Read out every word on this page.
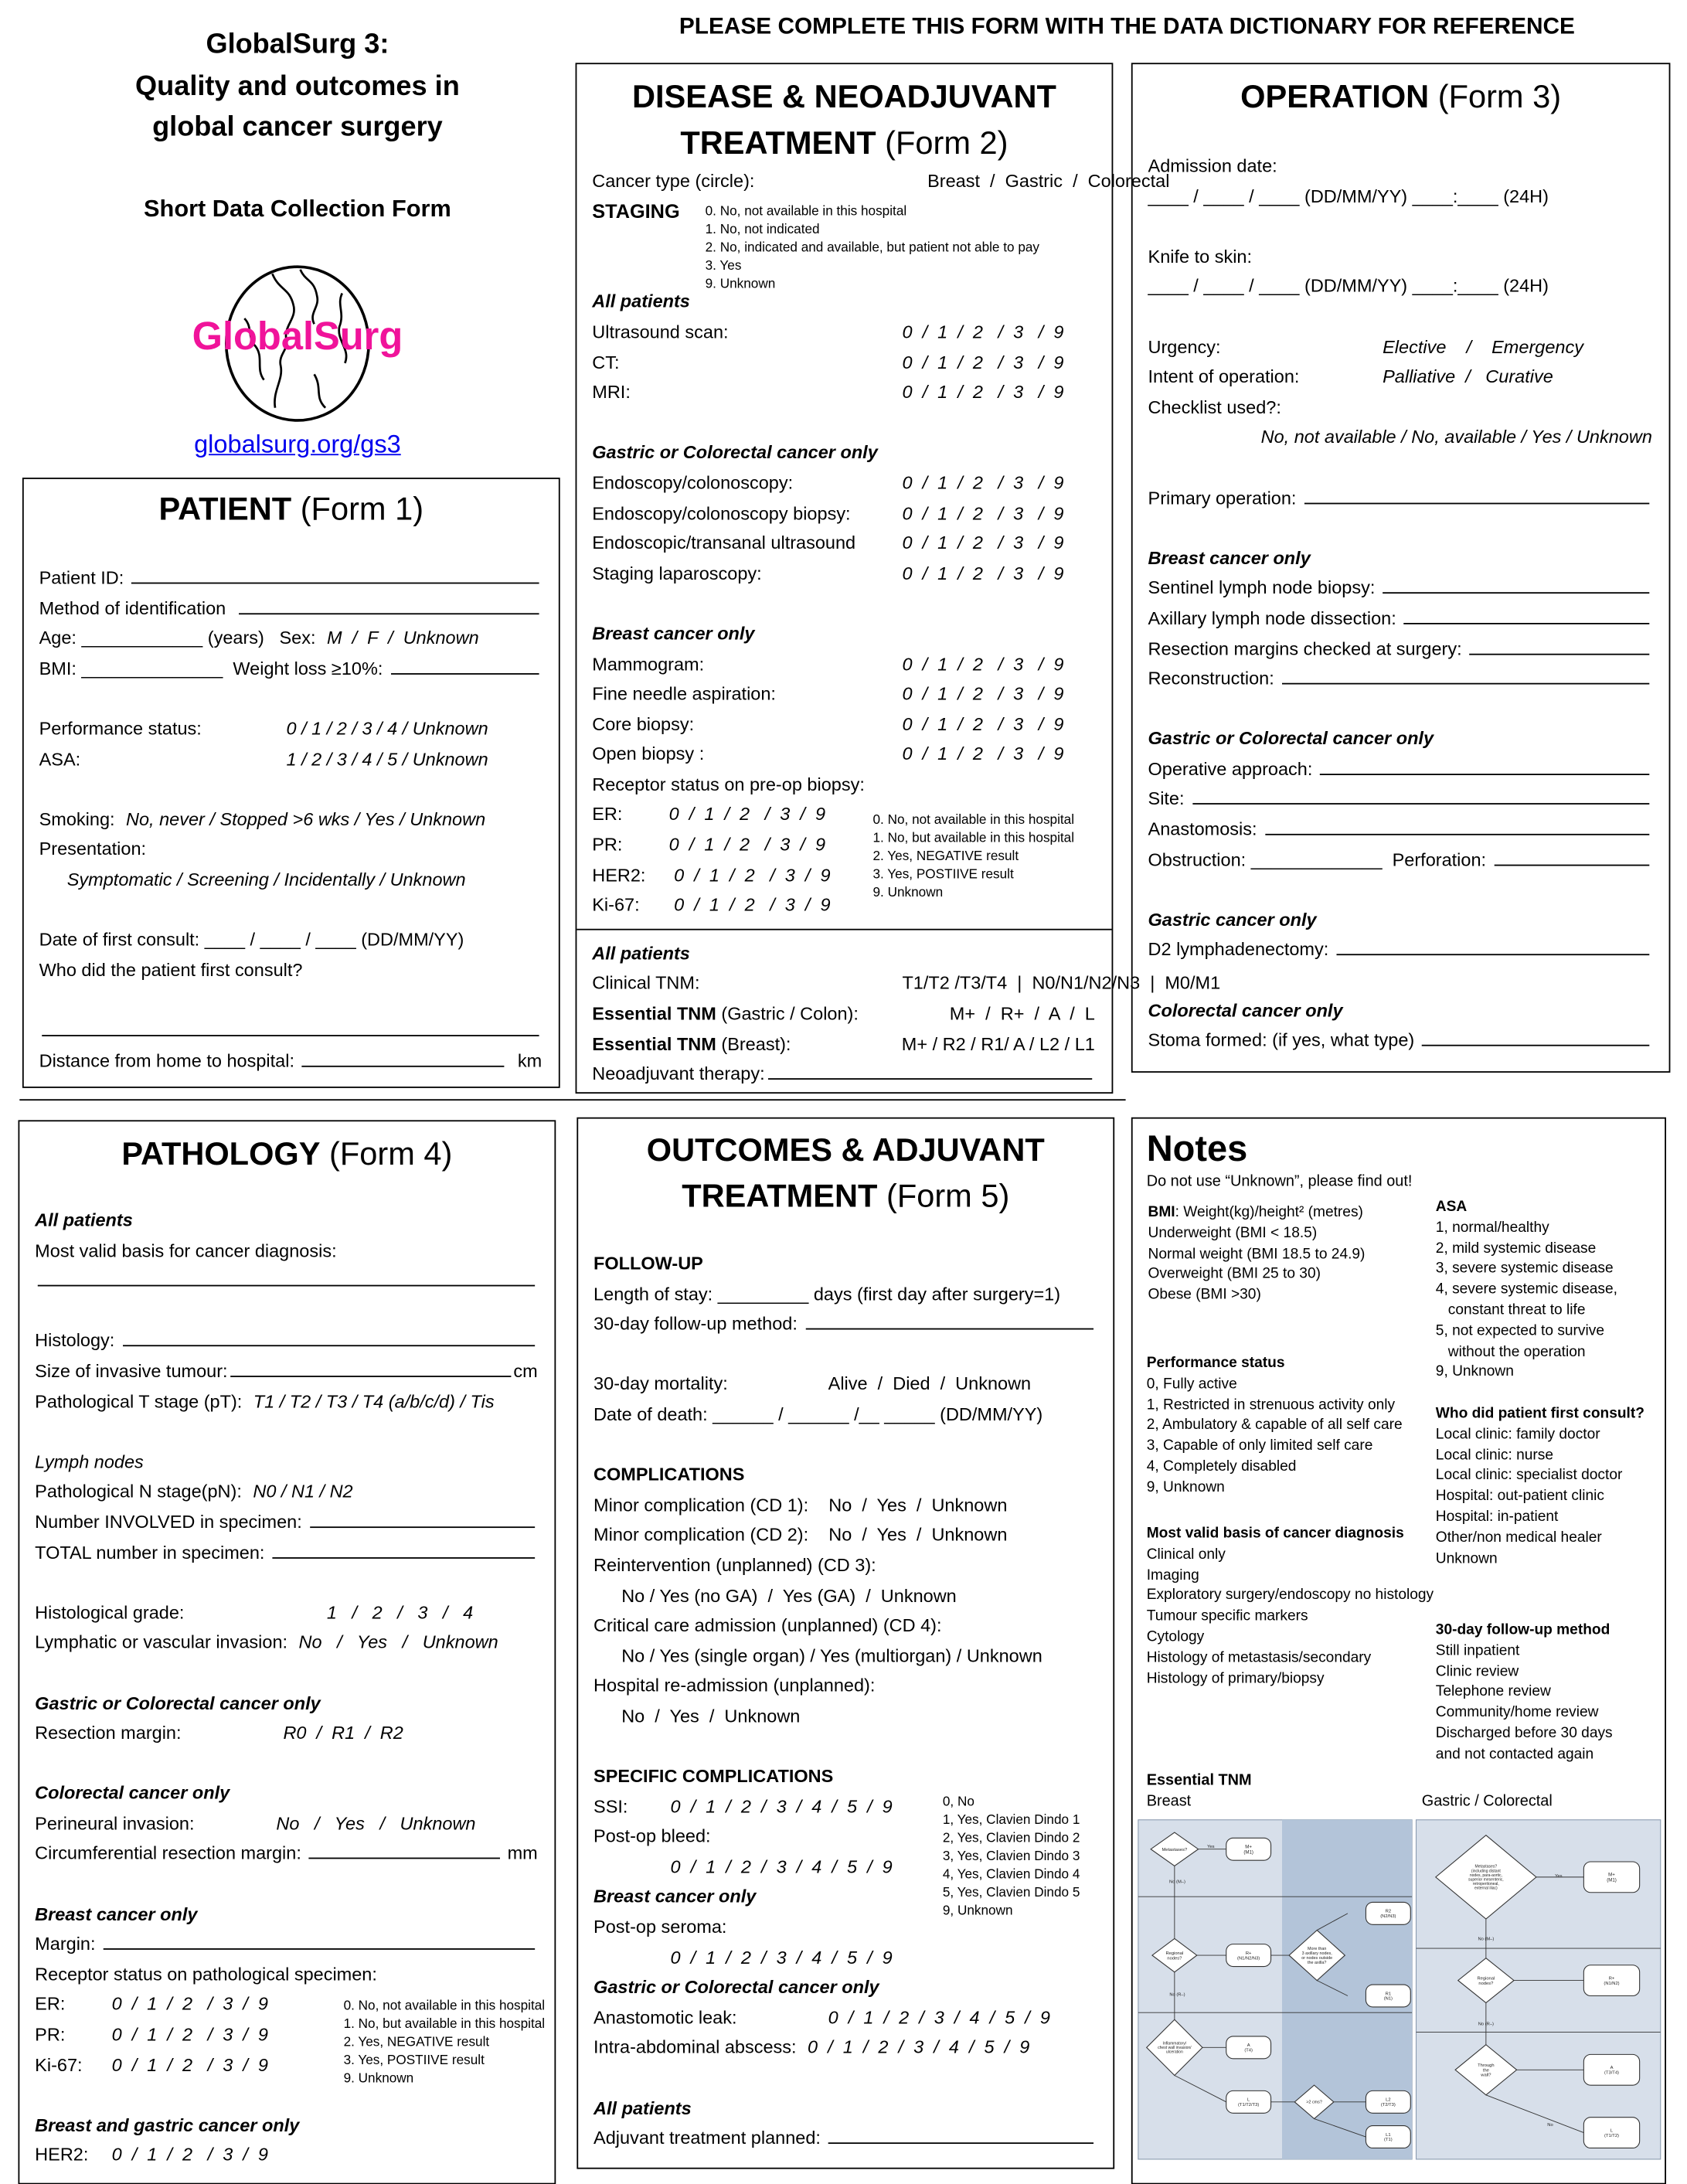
PLEASE COMPLETE THIS FORM WITH THE DATA DICTIONARY FOR REFERENCE
GlobalSurg 3:
Quality and outcomes in
global cancer surgery
Short Data Collection Form
GlobalSurg
globalsurg.org/gs3
PATIENT (Form 1)
Patient ID:
Method of identification
Age: ____________ (years)   Sex: M  /  F  /  Unknown
BMI: ______________  Weight loss ≥10%:
Performance status:	0 / 1 / 2 / 3 / 4 / Unknown
ASA:	1 / 2 / 3 / 4 / 5 / Unknown
Smoking: No, never / Stopped >6 wks / Yes / Unknown
Presentation:
Symptomatic / Screening / Incidentally / Unknown
Date of first consult: ____ / ____ / ____ (DD/MM/YY)
Who did the patient first consult?
Distance from home to hospital:	km
DISEASE & NEOADJUVANT
TREATMENT (Form 2)
Cancer type (circle):	Breast  /  Gastric  /  Colorectal
STAGING
All patients
Ultrasound scan:	0  /  1  /  2   /  3   /  9
CT:	0  /  1  /  2   /  3   /  9
MRI:	0  /  1  /  2   /  3   /  9
Gastric or Colorectal cancer only
Endoscopy/colonoscopy:	0  /  1  /  2   /  3   /  9
Endoscopy/colonoscopy biopsy:	0  /  1  /  2   /  3   /  9
Endoscopic/transanal ultrasound	0  /  1  /  2   /  3   /  9
Staging laparoscopy:	0  /  1  /  2   /  3   /  9
Breast cancer only
Mammogram:	0  /  1  /  2   /  3   /  9
Fine needle aspiration:	0  /  1  /  2   /  3   /  9
Core biopsy:	0  /  1  /  2   /  3   /  9
Open biopsy :	0  /  1  /  2   /  3   /  9
Receptor status on pre-op biopsy:
ER:	0  /  1  /  2   /  3  /  9
PR:	0  /  1  /  2   /  3  /  9
HER2:	0  /  1  /  2   /  3  /  9
Ki-67:	0  /  1  /  2   /  3  /  9
All patients
Clinical TNM:	T1/T2 /T3/T4  |  N0/N1/N2/N3  |  M0/M1
Essential TNM (Gastric / Colon):	M+  /  R+  /  A  /  L
Essential TNM (Breast):	M+ / R2 / R1/ A / L2 / L1
Neoadjuvant therapy:
0. No, not available in this hospital
1. No, not indicated
2. No, indicated and available, but patient not able to pay
3. Yes
9. Unknown
0. No, not available in this hospital
1. No, but available in this hospital
2. Yes, NEGATIVE result
3. Yes, POSTIIVE result
9. Unknown
OPERATION (Form 3)
Admission date:
____ / ____ / ____ (DD/MM/YY) ____:____ (24H)
Knife to skin:
____ / ____ / ____ (DD/MM/YY) ____:____ (24H)
Urgency:	Elective    /    Emergency
Intent of operation:	Palliative  /   Curative
Checklist used?:
No, not available / No, available / Yes / Unknown
Primary operation:
Breast cancer only
Sentinel lymph node biopsy:
Axillary lymph node dissection:
Resection margins checked at surgery:
Reconstruction:
Gastric or Colorectal cancer only
Operative approach:
Site:
Anastomosis:
Obstruction: _____________  Perforation:
Gastric cancer only
D2 lymphadenectomy:
Colorectal cancer only
Stoma formed: (if yes, what type)
PATHOLOGY (Form 4)
All patients
Most valid basis for cancer diagnosis:
Histology:
Size of invasive tumour:	cm
Pathological T stage (pT): T1 / T2 / T3 / T4 (a/b/c/d) / Tis
Lymph nodes
Pathological N stage(pN): N0 / N1 / N2
Number INVOLVED in specimen:
TOTAL number in specimen:
Histological grade:	1   /   2   /   3   /   4
Lymphatic or vascular invasion: No   /   Yes   /   Unknown
Gastric or Colorectal cancer only
Resection margin: R0  /  R1  /  R2
Colorectal cancer only
Perineural invasion: No   /   Yes   /   Unknown
Circumferential resection margin:	mm
Breast cancer only
Margin:
Receptor status on pathological specimen:
ER:	0  /  1  /  2   /  3  /  9
PR:	0  /  1  /  2   /  3  /  9
Ki-67:	0  /  1  /  2   /  3  /  9
Breast and gastric cancer only
HER2:	0  /  1  /  2   /  3  /  9
0. No, not available in this hospital
1. No, but available in this hospital
2. Yes, NEGATIVE result
3. Yes, POSTIIVE result
9. Unknown
OUTCOMES & ADJUVANT
TREATMENT (Form 5)
FOLLOW-UP
Length of stay: _________ days (first day after surgery=1)
30-day follow-up method:
30-day mortality:	Alive  /  Died  /  Unknown
Date of death: ______ / ______ /__ _____ (DD/MM/YY)
COMPLICATIONS
Minor complication (CD 1):    No  /  Yes  /  Unknown
Minor complication (CD 2):    No  /  Yes  /  Unknown
Reintervention (unplanned) (CD 3):
No / Yes (no GA)  /  Yes (GA)  /  Unknown
Critical care admission (unplanned) (CD 4):
No / Yes (single organ) / Yes (multiorgan) / Unknown
Hospital re-admission (unplanned):
No  /  Yes  /  Unknown
SPECIFIC COMPLICATIONS
SSI:	0  /  1  /  2  /  3  /  4  /  5  /  9
Post-op bleed:
0  /  1  /  2  /  3  /  4  /  5  /  9
Breast cancer only
Post-op seroma:
0  /  1  /  2  /  3  /  4  /  5  /  9
Gastric or Colorectal cancer only
Anastomotic leak:	0  /  1  /  2  /  3  /  4  /  5  /  9
Intra-abdominal abscess: 0  /  1  /  2  /  3  /  4  /  5  /  9
All patients
Adjuvant treatment planned:
0, No
1, Yes, Clavien Dindo 1
2, Yes, Clavien Dindo 2
3, Yes, Clavien Dindo 3
4, Yes, Clavien Dindo 4
5, Yes, Clavien Dindo 5
9, Unknown
Notes
Do not use “Unknown”, please find out!
BMI: Weight(kg)/height² (metres)
Underweight (BMI < 18.5)
Normal weight (BMI 18.5 to 24.9)
Overweight (BMI 25 to 30)
Obese (BMI >30)
Performance status
0, Fully active
1, Restricted in strenuous activity only
2, Ambulatory & capable of all self care
3, Capable of only limited self care
4, Completely disabled
9, Unknown
Most valid basis of cancer diagnosis
Clinical only
Imaging
Exploratory surgery/endoscopy no histology
Tumour specific markers
Cytology
Histology of metastasis/secondary
Histology of primary/biopsy
ASA
1, normal/healthy
2, mild systemic disease
3, severe systemic disease
4, severe systemic disease,
constant threat to life
5, not expected to survive
without the operation
9, Unknown
Who did patient first consult?
Local clinic: family doctor
Local clinic: nurse
Local clinic: specialist doctor
Hospital: out-patient clinic
Hospital: in-patient
Other/non medical healer
Unknown
30-day follow-up method
Still inpatient
Clinic review
Telephone review
Community/home review
Discharged before 30 days
and not contacted again
Essential TNM
Breast	Gastric / Colorectal
Metastases?
Yes	M+
(M1)
No (M–)
Regional
nodes?
R+
(N1/N2/N3)
More than
3 axillary nodes,
or nodes outside
the axilla?
R2
(N2/N3)
R1
(N1)
No (R–)
Inflammatory/
chest wall invasion/
ulceration
A
(T4)
L
(T1/T2/T3)
>2 cms?
L2
(T2/T3)
L1
(T1)
Metastases?
(including distant
nodes, para-aortic,
superior mesenteric,
retroperitoneal,
external iliac)
Yes	M+
(M1)
No (M–)
Regional
nodes?
R+
(N1/N2)
No (R–)
Through
the
wall?
A
(T3/T4)
L
(T1/T2)
No
